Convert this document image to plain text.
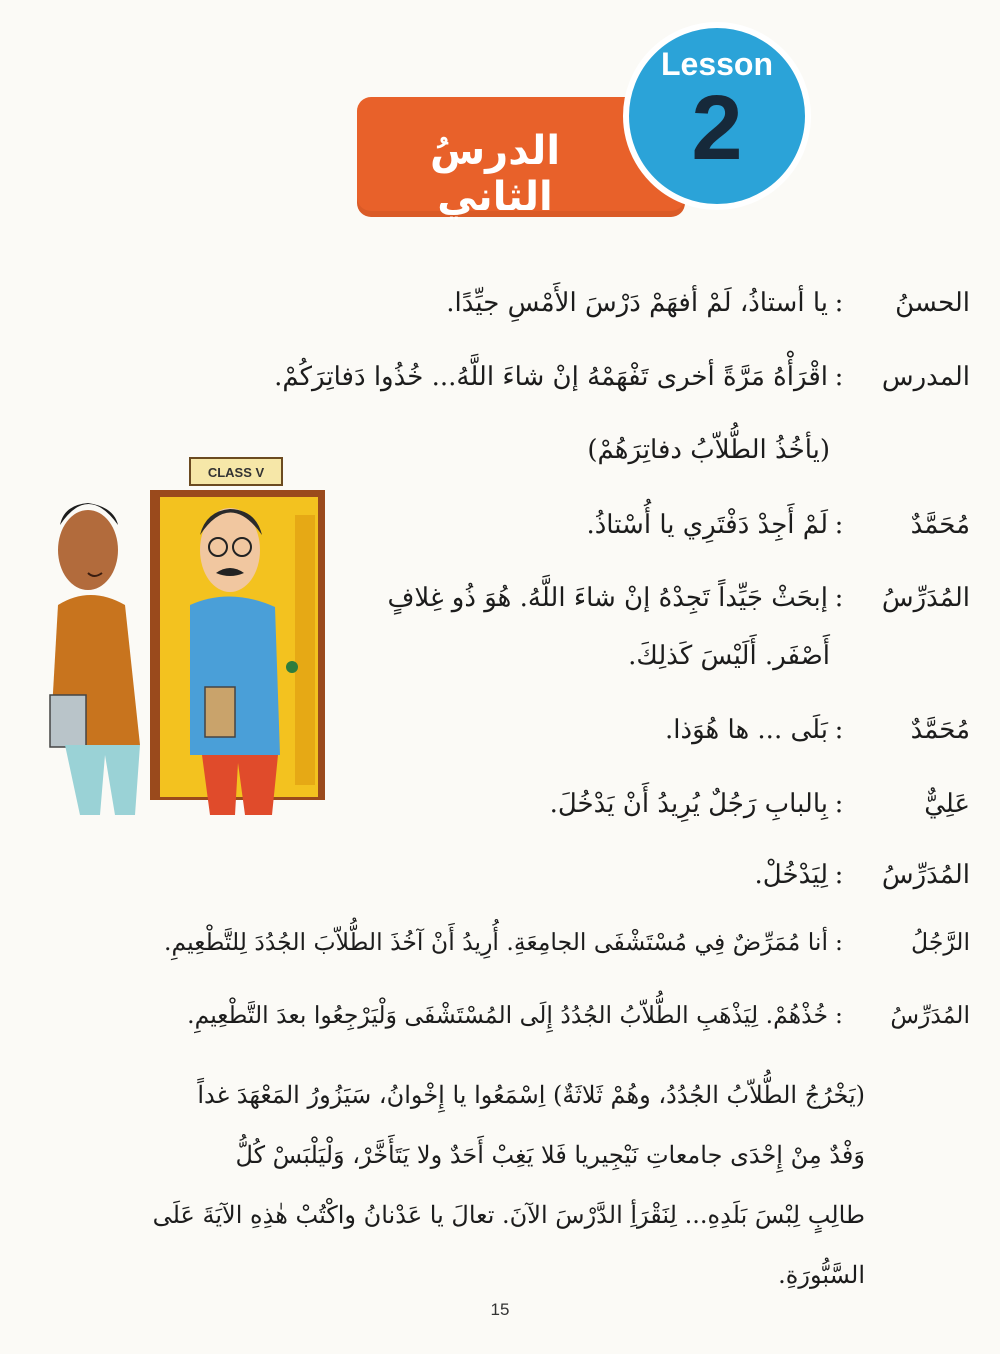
الدرسُ الثاني
Lesson
2
CLASS V
الحسنُ:يا أستاذُ، لَمْ أفهَمْ دَرْسَ الأَمْسِ جيِّدًا.
المدرس:اقْرَأْهُ مَرَّةً أخرى تَفْهَمْهُ إنْ شاءَ اللَّهُ... خُذُوا دَفاتِرَكُمْ.
(يأخُذُ الطُّلاّبُ دفاتِرَهُمْ)
مُحَمَّدٌ:لَمْ أَجِدْ دَفْتَرِي يا أُسْتاذُ.
المُدَرِّسُ:إبحَثْ جَيِّداً تَجِدْهُ إنْ شاءَ اللَّهُ. هُوَ ذُو غِلافٍ
أَصْفَر. أَلَيْسَ كَذلِكَ.
مُحَمَّدٌ:بَلَى ... ها هُوَذا.
عَلِيٌّ:بِالبابِ رَجُلٌ يُرِيدُ أَنْ يَدْخُلَ.
المُدَرِّسُ:لِيَدْخُلْ.
الرَّجُلُ:أنا مُمَرِّضٌ فِي مُسْتَشْفَى الجامِعَةِ. أُرِيدُ أَنْ آخُذَ الطُّلاّبَ الجُدُدَ لِلتَّطْعِيمِ.
المُدَرِّسُ:خُذْهُمْ. لِيَذْهَبِ الطُّلاّبُ الجُدُدُ إِلَى المُسْتَشْفَى وَلْيَرْجِعُوا بعدَ التَّطْعِيمِ.
(يَخْرُجُ الطُّلاّبُ الجُدُدُ، وهُمْ ثَلاثَةٌ) اِسْمَعُوا يا إِخْوانُ، سَيَزُورُ المَعْهَدَ غداً
وَفْدٌ مِنْ إِحْدَى جامعاتِ نَيْجِيريا فَلا يَغِبْ أَحَدٌ ولا يَتَأَخَّرْ، وَلْيَلْبَسْ كُلُّ
طالِبٍ لِبْسَ بَلَدِهِ... لِنَقْرَأِ الدَّرْسَ الآنَ. تعالَ يا عَدْنانُ واكْتُبْ هٰذِهِ الآيَةَ عَلَى
السَّبُّورَةِ.
15
